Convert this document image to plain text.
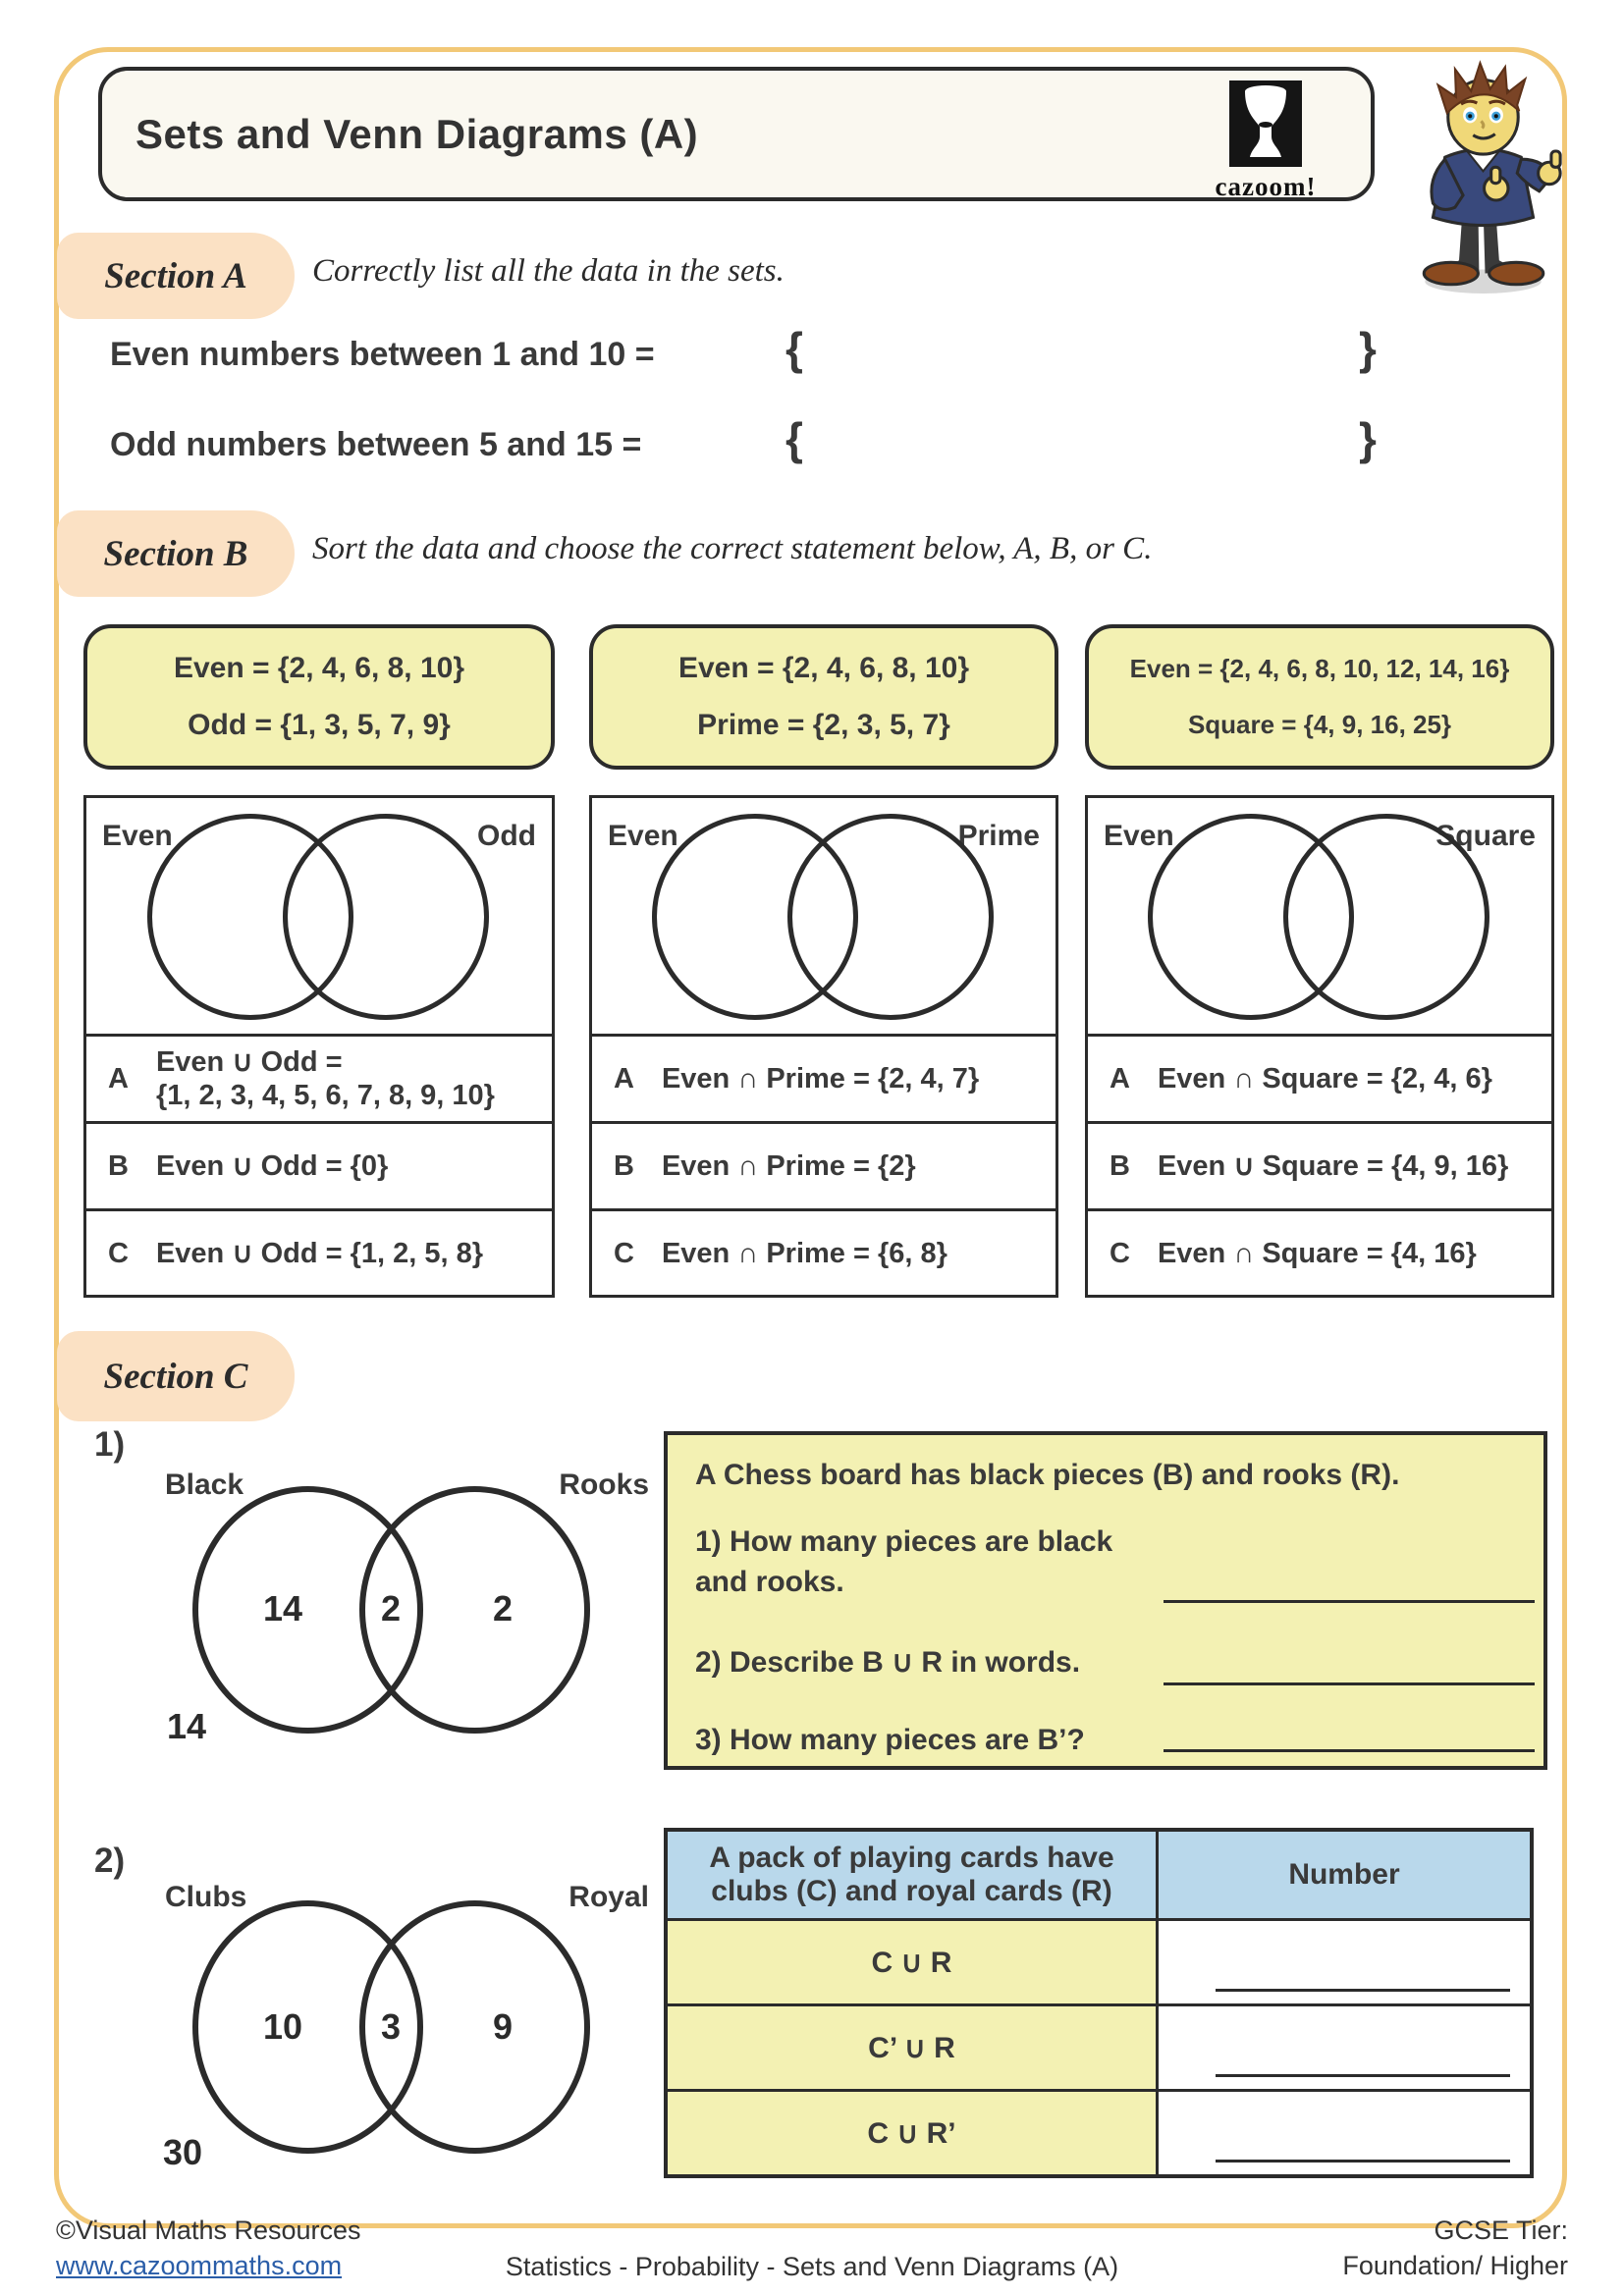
Sets and Venn Diagrams (A)
cazoom!
Section A	Correctly list all the data in the sets.
Even numbers between 1 and 10 =	{	}
Odd numbers between 5 and 15 =	{	}
Section B	Sort the data and choose the correct statement below, A, B, or C.
Even = {2, 4, 6, 8, 10}
Odd = {1, 3, 5, 7, 9}
Even = {2, 4, 6, 8, 10}
Prime = {2, 3, 5, 7}
Even = {2, 4, 6, 8, 10, 12, 14, 16}
Square = {4, 9, 16, 25}
Even	Odd
A
Even ∪ Odd =
{1, 2, 3, 4, 5, 6, 7, 8, 9, 10}
B Even ∪ Odd = {0}
C Even ∪ Odd = {1, 2, 5, 8}
Even	Prime
A Even ∩ Prime = {2, 4, 7}
B Even ∩ Prime = {2}
C Even ∩ Prime = {6, 8}
Even	Square
A Even ∩ Square = {2, 4, 6}
B Even ∪ Square = {4, 9, 16}
C Even ∩ Square = {4, 16}
Section C
1)
Black	Rooks
14 2	2
14
A Chess board has black pieces (B) and rooks (R).
1) How many pieces are black
and rooks.
2) Describe B ∪ R in words.
3) How many pieces are B’?
2)
Clubs	Royal
10 3	9
30
A pack of playing cards have clubs (C) and royal cards (R)
Number
C ∪ R
C’ ∪ R
C ∪ R’
©Visual Maths Resources
www.cazoommaths.com	Statistics - Probability - Sets and Venn Diagrams (A)
GCSE Tier:
Foundation/ Higher
